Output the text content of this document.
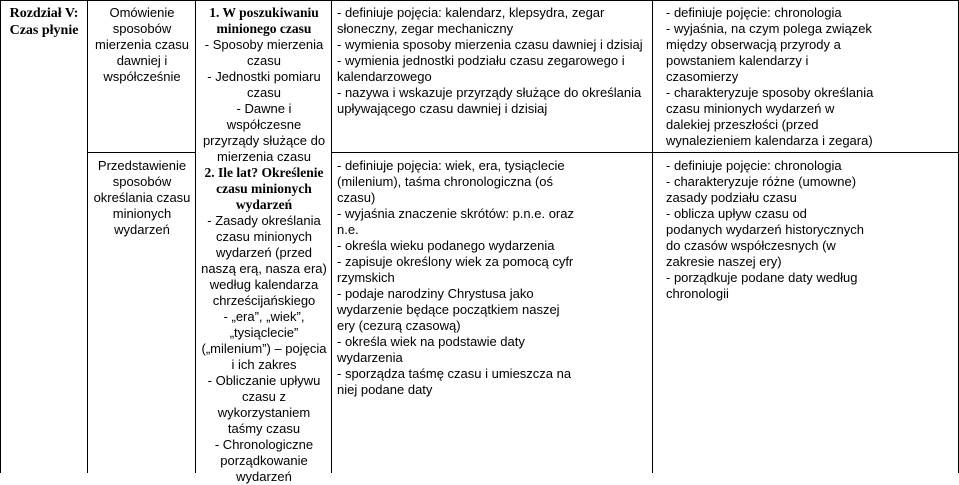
Rozdział V:
Czas płynie
Omówienie sposobów mierzenia czasu dawniej i współcześnie
Przedstawienie sposobów określania czasu minionych wydarzeń

1. W poszukiwaniu minionego czasu

- Sposoby mierzenia czasu

- Jednostki pomiaru czasu

- Dawne i współczesne przyrządy służące do mierzenia czasu

2. Ile lat? Określenie czasu minionych wydarzeń

- Zasady określania czasu minionych wydarzeń (przed naszą erą, nasza era) według kalendarza chrześcijańskiego

- „era”, „wiek”, „tysiąclecie” („milenium”) – pojęcia i ich zakres

- Obliczanie upływu czasu z wykorzystaniem taśmy czasu

- Chronologiczne porządkowanie wydarzeń

- definiuje pojęcia: kalendarz, klepsydra, zegar słoneczny, zegar mechaniczny

- wymienia sposoby mierzenia czasu dawniej i dzisiaj

- wymienia jednostki podziału czasu zegarowego i kalendarzowego

- nazywa i wskazuje przyrządy służące do określania upływającego czasu dawniej i dzisiaj

- definiuje pojęcia: wiek, era, tysiąclecie (milenium), taśma chronologiczna (oś czasu)

- wyjaśnia znaczenie skrótów: p.n.e. oraz n.e.

- określa wieku podanego wydarzenia

- zapisuje określony wiek za pomocą cyfr rzymskich

- podaje narodziny Chrystusa jako wydarzenie będące początkiem naszej ery (cezurą czasową)

- określa wiek na podstawie daty wydarzenia

- sporządza taśmę czasu i umieszcza na niej podane daty

- definiuje pojęcie: chronologia

- wyjaśnia, na czym polega związek między obserwacją przyrody a powstaniem kalendarzy i czasomierzy

- charakteryzuje sposoby określania czasu minionych wydarzeń w dalekiej przeszłości (przed wynalezieniem kalendarza i zegara)

- definiuje pojęcie: chronologia

- charakteryzuje różne (umowne) zasady podziału czasu

- oblicza upływ czasu od podanych wydarzeń historycznych do czasów współczesnych (w zakresie naszej ery)

- porządkuje podane daty według chronologii
